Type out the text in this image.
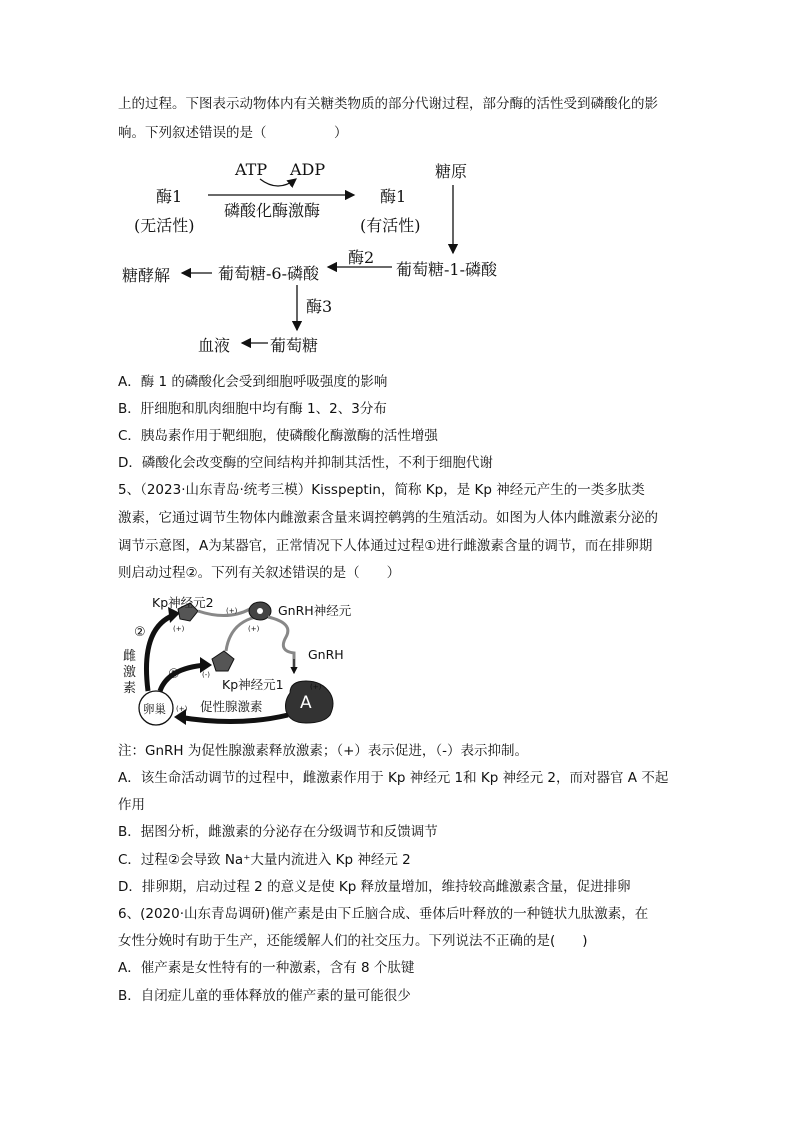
上的过程。下图表示动物体内有关糖类物质的部分代谢过程，部分酶的活性受到磷酸化的影
响。下列叙述错误的是（　　　　　）
ATP ADP
酶1
(无活性)
磷酸化酶激酶
酶1
(有活性)
糖原
酶2
葡萄糖-1-磷酸
糖酵解	葡萄糖-6-磷酸
酶3
血液 葡萄糖
A．酶 1 的磷酸化会受到细胞呼吸强度的影响
B．肝细胞和肌肉细胞中均有酶 1、2、3分布
C．胰岛素作用于靶细胞，使磷酸化酶激酶的活性增强
D．磷酸化会改变酶的空间结构并抑制其活性，不利于细胞代谢
5、（2023·山东青岛·统考三模）Kisspeptin，简称 Kp，是 Kp 神经元产生的一类多肽类
激素，它通过调节生物体内雌激素含量来调控鹌鹑的生殖活动。如图为人体内雌激素分泌的
调节示意图，A为某器官，正常情况下人体通过过程①进行雌激素含量的调节，而在排卵期
则启动过程②。下列有关叙述错误的是（　　）
Kp神经元2
GnRH神经元
GnRH
②
①
雌
激
素	Kp神经元1
卵巢	促性腺激素 A
(+)
(+)	(+)
(-)
(+)
(+)
注：GnRH 为促性腺激素释放激素；（+）表示促进，（-）表示抑制。
A．该生命活动调节的过程中，雌激素作用于 Kp 神经元 1和 Kp 神经元 2，而对器官 A 不起
作用
B．据图分析，雌激素的分泌存在分级调节和反馈调节
C．过程②会导致 Na⁺大量内流进入 Kp 神经元 2
D．排卵期，启动过程 2 的意义是使 Kp 释放量增加，维持较高雌激素含量，促进排卵
6、(2020·山东青岛调研)催产素是由下丘脑合成、垂体后叶释放的一种链状九肽激素，在
女性分娩时有助于生产，还能缓解人们的社交压力。下列说法不正确的是(　　)
A．催产素是女性特有的一种激素，含有 8 个肽键
B．自闭症儿童的垂体释放的催产素的量可能很少
